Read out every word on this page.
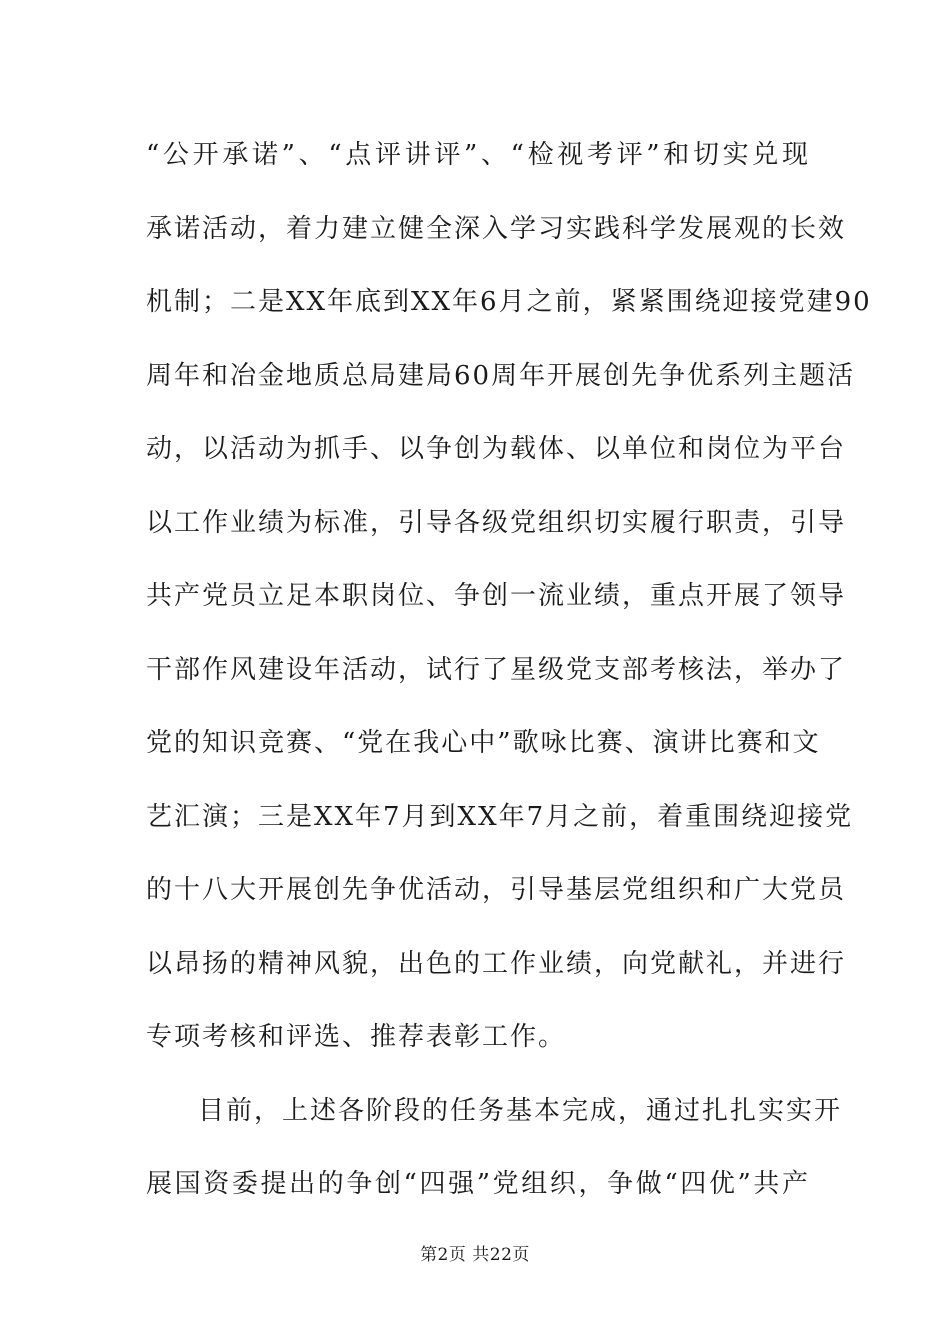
“公开承诺”、“点评讲评”、“检视考评”和切实兑现
承诺活动，着力建立健全深入学习实践科学发展观的长效
机制；二是XX年底到XX年6月之前，紧紧围绕迎接党建90
周年和冶金地质总局建局60周年开展创先争优系列主题活
动，以活动为抓手、以争创为载体、以单位和岗位为平台
以工作业绩为标准，引导各级党组织切实履行职责，引导
共产党员立足本职岗位、争创一流业绩，重点开展了领导
干部作风建设年活动，试行了星级党支部考核法，举办了
党的知识竞赛、“党在我心中”歌咏比赛、演讲比赛和文
艺汇演；三是XX年7月到XX年7月之前，着重围绕迎接党
的十八大开展创先争优活动，引导基层党组织和广大党员
以昂扬的精神风貌，出色的工作业绩，向党献礼，并进行
专项考核和评选、推荐表彰工作。
目前，上述各阶段的任务基本完成，通过扎扎实实开
展国资委提出的争创“四强”党组织，争做“四优”共产
第2页 共22页
